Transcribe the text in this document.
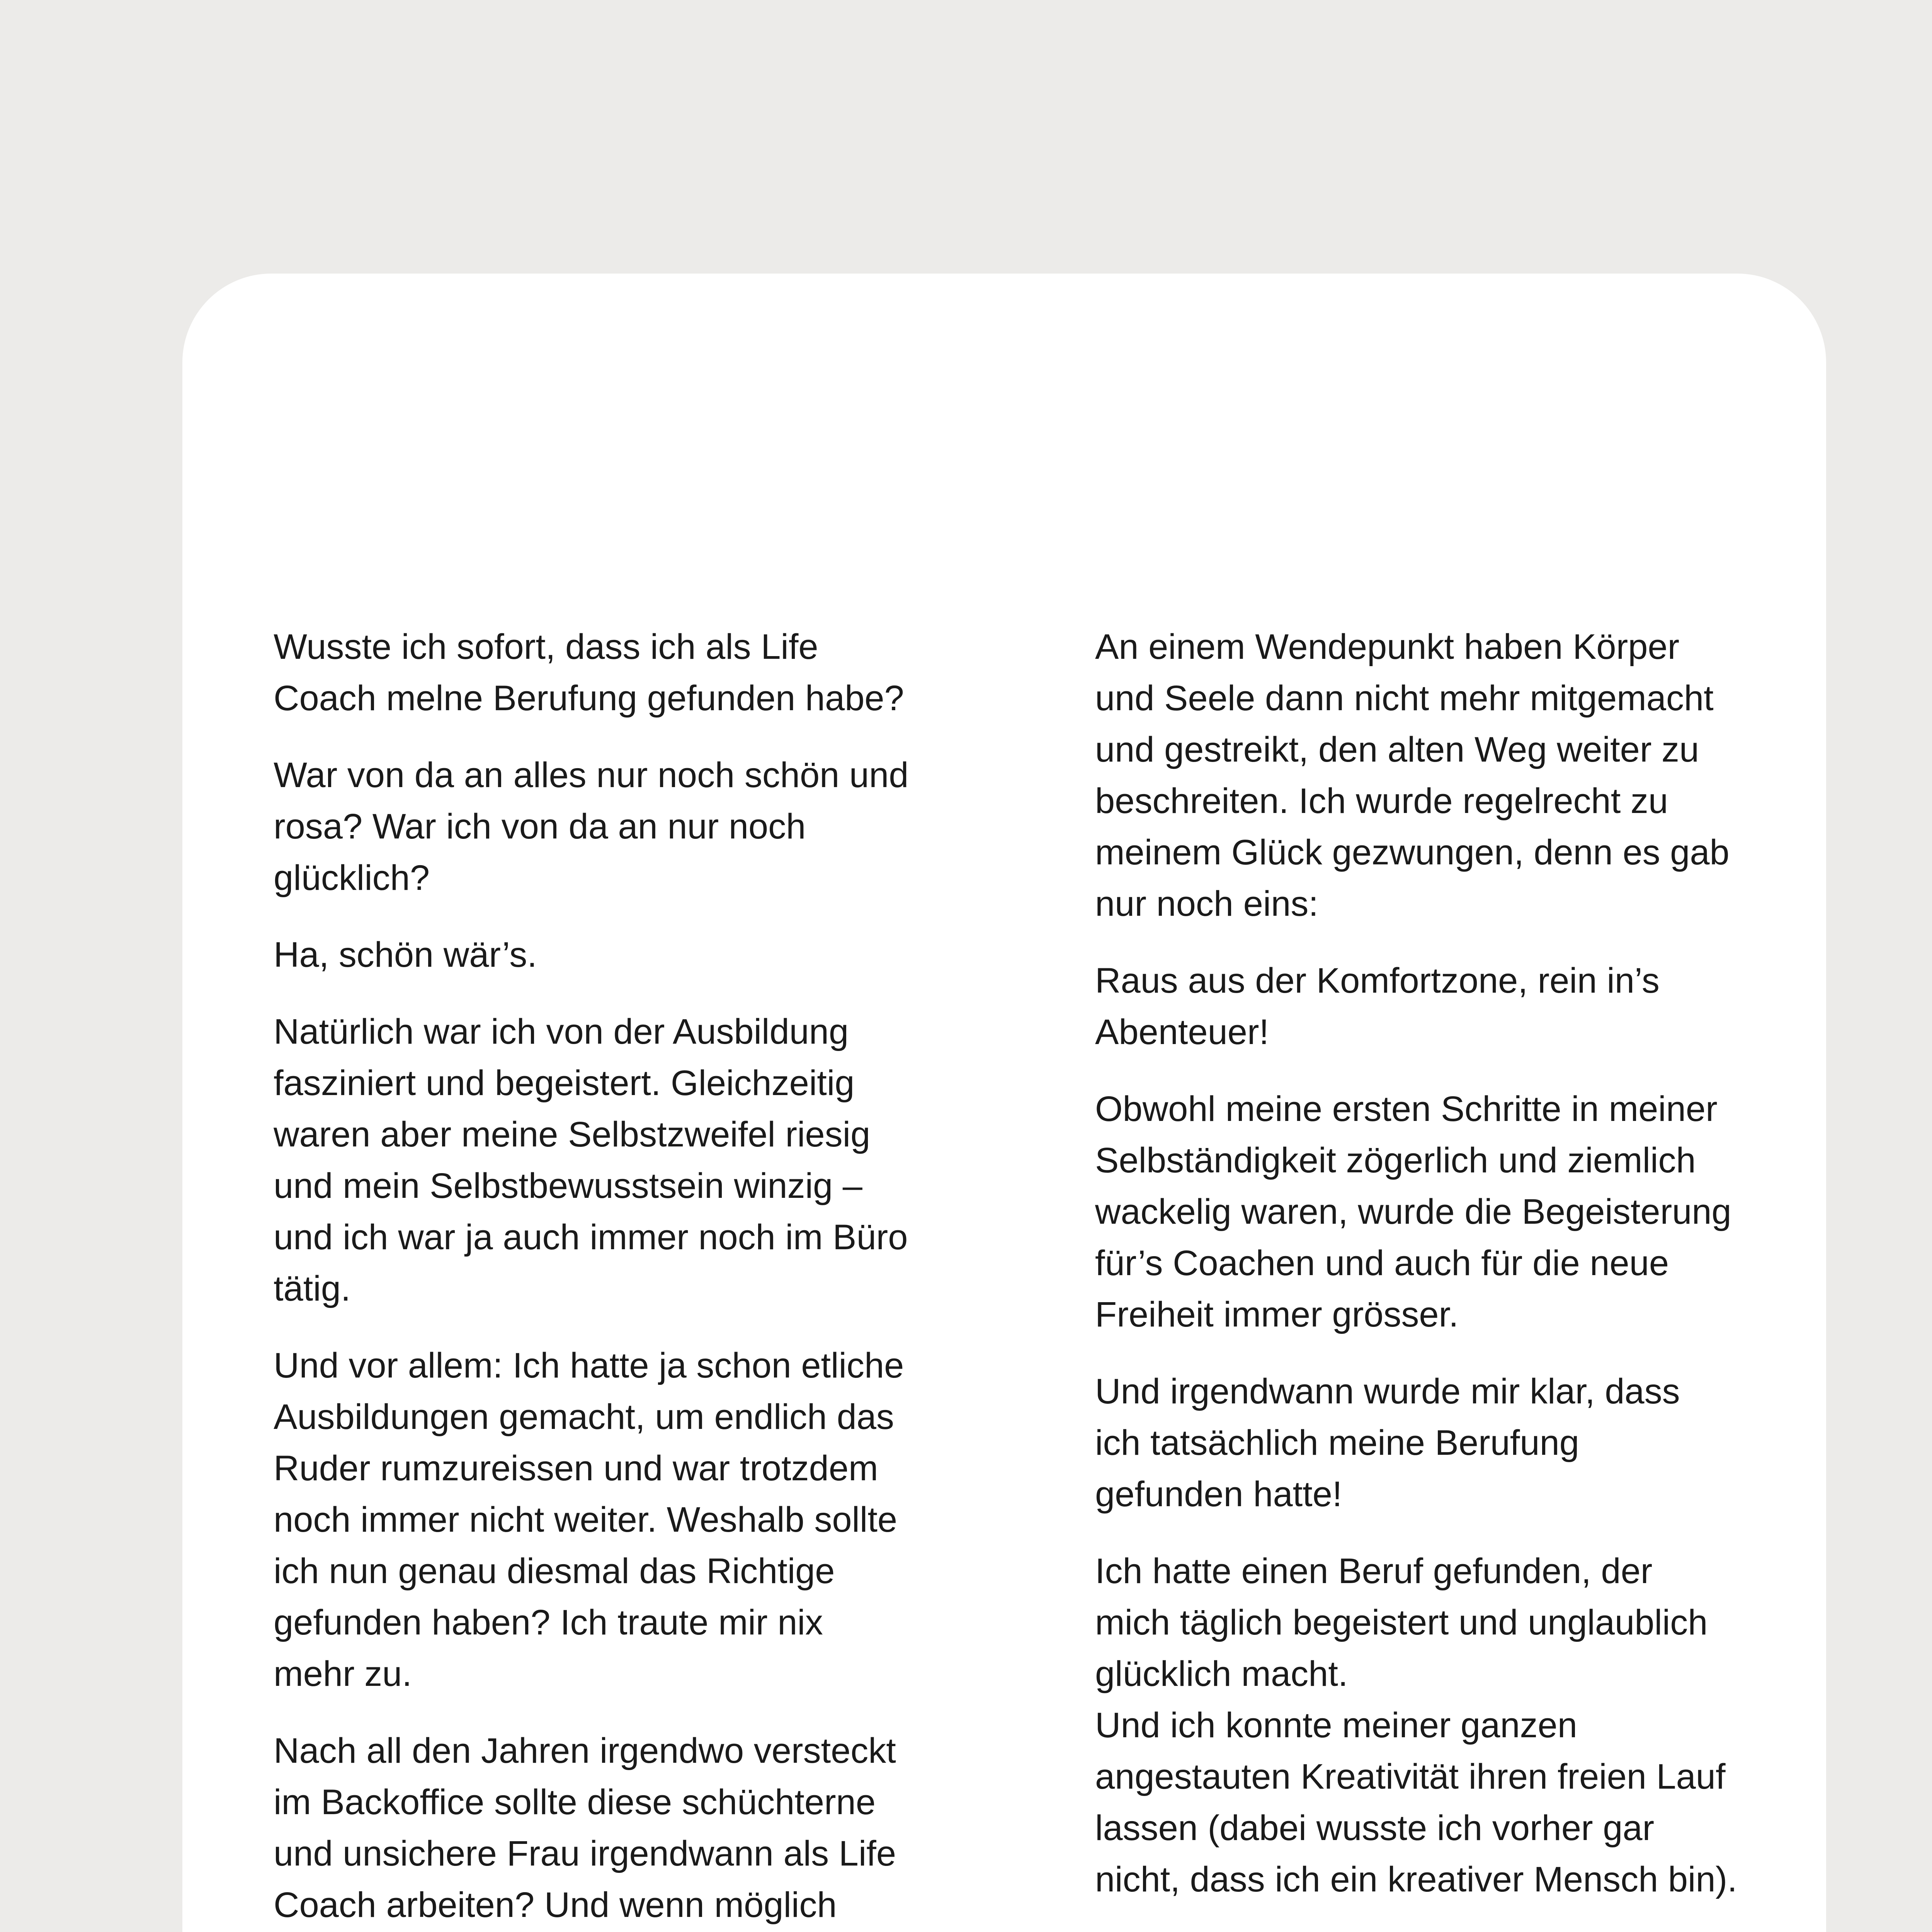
Wusste ich sofort, dass ich als Life
Coach melne Berufung gefunden habe?

War von da an alles nur noch schön und
rosa? War ich von da an nur noch
glücklich?

Ha, schön wär’s.

Natürlich war ich von der Ausbildung
fasziniert und begeistert. Gleichzeitig
waren aber meine Selbstzweifel riesig
und mein Selbstbewusstsein winzig –
und ich war ja auch immer noch im Büro
tätig.

Und vor allem: Ich hatte ja schon etliche
Ausbildungen gemacht, um endlich das
Ruder rumzureissen und war trotzdem
noch immer nicht weiter. Weshalb sollte
ich nun genau diesmal das Richtige
gefunden haben? Ich traute mir nix
mehr zu.

Nach all den Jahren irgendwo versteckt
im Backoffice sollte diese schüchterne
und unsichere Frau irgendwann als Life
Coach arbeiten? Und wenn möglich

An einem Wendepunkt haben Körper
und Seele dann nicht mehr mitgemacht
und gestreikt, den alten Weg weiter zu
beschreiten. Ich wurde regelrecht zu
meinem Glück gezwungen, denn es gab
nur noch eins:

Raus aus der Komfortzone, rein in’s
Abenteuer!

Obwohl meine ersten Schritte in meiner
Selbständigkeit zögerlich und ziemlich
wackelig waren, wurde die Begeisterung
für’s Coachen und auch für die neue
Freiheit immer grösser.

Und irgendwann wurde mir klar, dass
ich tatsächlich meine Berufung
gefunden hatte!

Ich hatte einen Beruf gefunden, der
mich täglich begeistert und unglaublich
glücklich macht.
Und ich konnte meiner ganzen
angestauten Kreativität ihren freien Lauf
lassen (dabei wusste ich vorher gar
nicht, dass ich ein kreativer Mensch bin).
